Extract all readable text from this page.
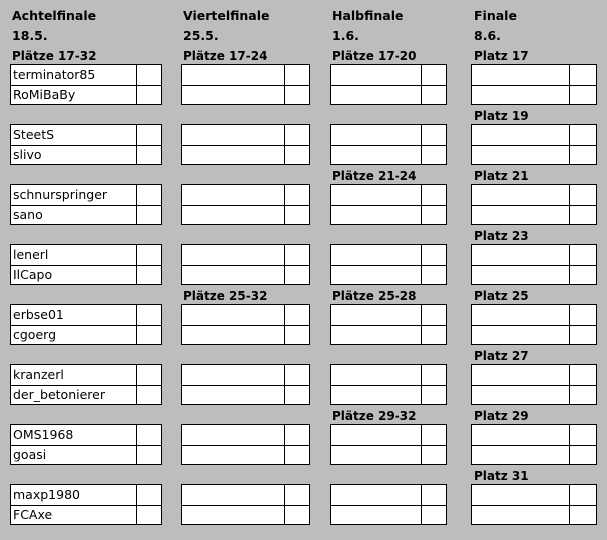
Achtelfinale
18.5.
Viertelfinale
25.5.
Halbfinale
1.6.
Finale
8.6.
Plätze 17-32	Plätze 17-24
Plätze 25-32
Plätze 17-20
Plätze 21-24
Plätze 25-28
Plätze 29-32
Platz 17
Platz 19
Platz 21
Platz 23
Platz 25
Platz 27
Platz 29
Platz 31
terminator85
RoMiBaBy
SteetS
slivo
schnurspringer
sano
lenerl
IlCapo
erbse01
cgoerg
kranzerl
der_betonierer
OMS1968
goasi
maxp1980
FCAxe
